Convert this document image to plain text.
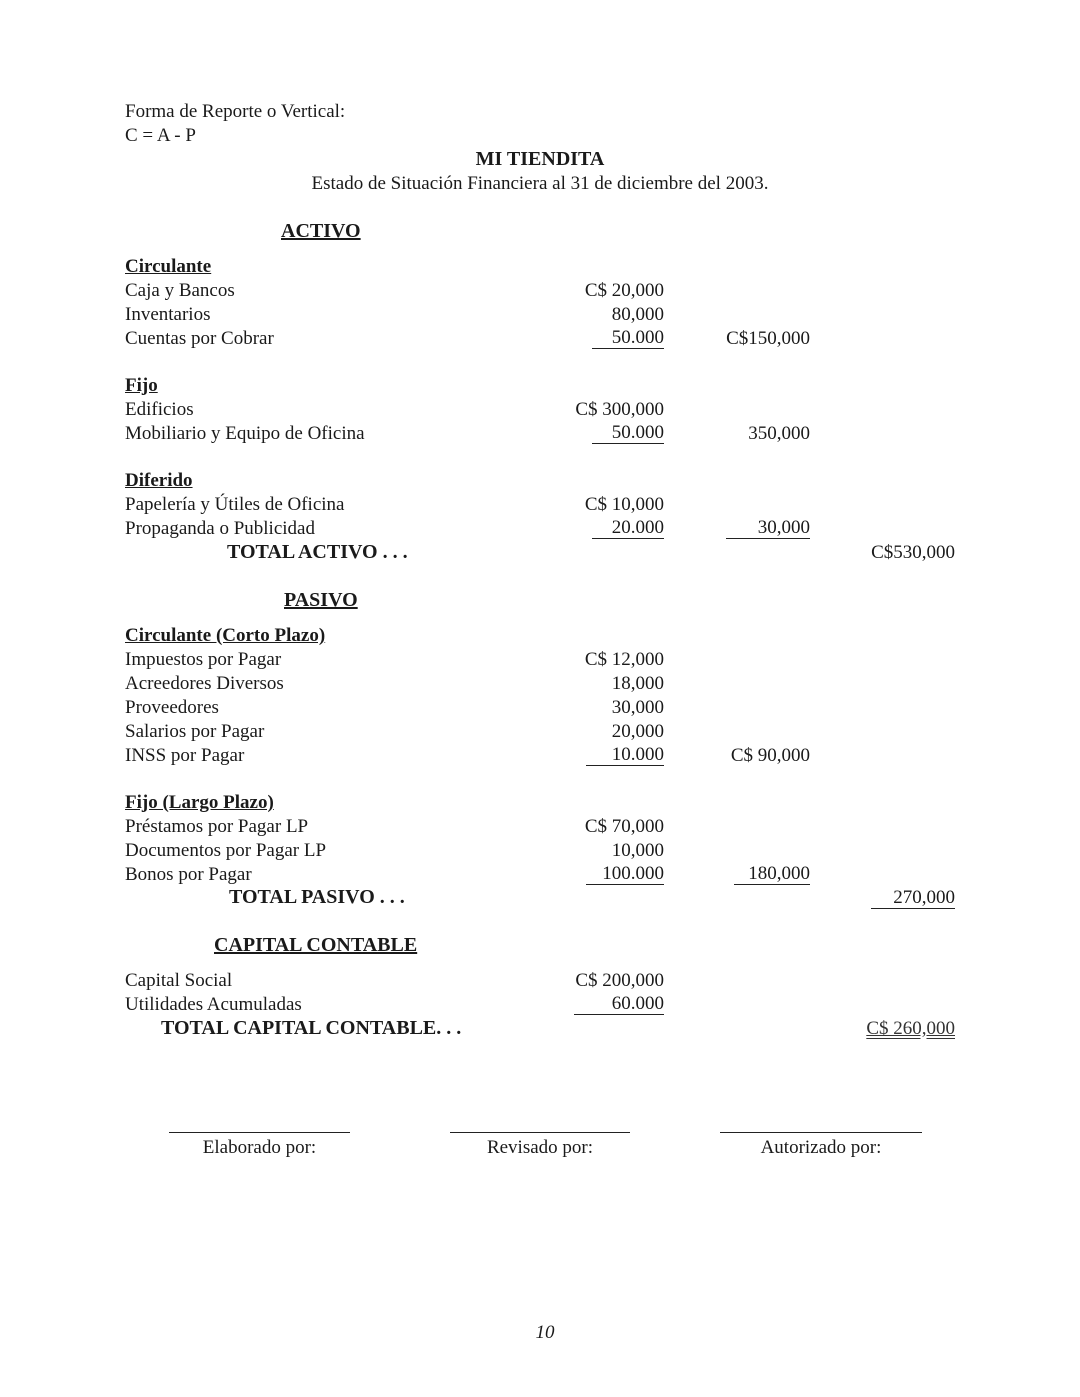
Forma de Reporte o Vertical:
C = A - P
MI TIENDITA
Estado de Situación Financiera al 31 de diciembre del 2003.
ACTIVO
Circulante
Caja y Bancos	C$ 20,000
Inventarios	80,000
Cuentas por Cobrar	50.000	C$150,000
Fijo
Edificios	C$ 300,000
Mobiliario y Equipo de Oficina	50.000	350,000
Diferido
Papelería y Útiles de Oficina	C$ 10,000
Propaganda o Publicidad	20.000	30,000
TOTAL ACTIVO . . .	C$530,000
PASIVO
Circulante (Corto Plazo)
Impuestos por Pagar	C$ 12,000
Acreedores Diversos	18,000
Proveedores	30,000
Salarios por Pagar	20,000
INSS por Pagar	10.000	C$ 90,000
Fijo (Largo Plazo)
Préstamos por Pagar LP	C$ 70,000
Documentos por Pagar LP	10,000
Bonos por Pagar	100.000	180,000
TOTAL PASIVO . . .	270,000
CAPITAL CONTABLE
Capital Social	C$ 200,000
Utilidades Acumuladas	60.000
TOTAL CAPITAL CONTABLE. . .	C$ 260,000
Elaborado por:	Revisado por:	Autorizado por:
10
